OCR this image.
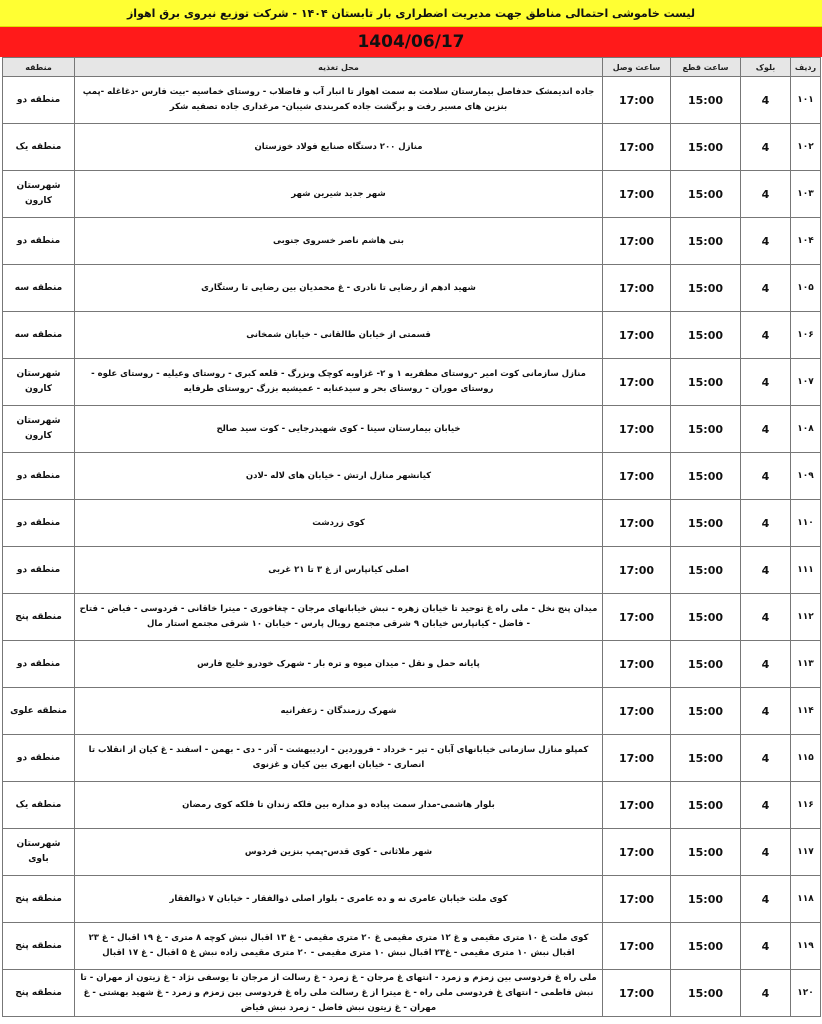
لیست خاموشی احتمالی مناطق جهت مدیریت اضطراری بار تابستان ۱۴۰۴ - شرکت توزیع نیروی برق اهواز
1404/06/17
ردیف	بلوک	ساعت قطع	ساعت وصل	محل تغذیه	منطقه
۱۰۱	4	15:00	17:00	جاده اندیمشک حدفاصل بیمارستان سلامت به سمت اهواز تا انبار آب و فاضلاب - روستای خماسیه -بیت فارس -دغاغله -پمپ بنزین های مسیر رفت و برگشت جاده کمربندی شیبان- مرغداری جاده تصفیه شکر	منطقه دو
۱۰۲	4	15:00	17:00	منازل ۲۰۰ دستگاه صنایع فولاد خوزستان	منطقه یک
۱۰۳	4	15:00	17:00	شهر جدید شیرین شهر	شهرستان کارون
۱۰۴	4	15:00	17:00	بنی هاشم ناصر خسروی جنوبی	منطقه دو
۱۰۵	4	15:00	17:00	شهید ادهم از رضایی تا نادری - غ محمدیان بین رضایی تا رستگاری	منطقه سه
۱۰۶	4	15:00	17:00	قسمتی از خیابان طالقانی - خیابان شمخانی	منطقه سه
۱۰۷	4	15:00	17:00	منازل سازمانی کوت امیر -روستای مظفریه ۱ و ۲- غزاویه کوچک وبزرگ - قلعه کبری - روستای وعیلیه - روستای علوه - روستای موران - روستای بحر و سیدعنایه - عمیشیه بزرگ -روستای طرفایه	شهرستان کارون
۱۰۸	4	15:00	17:00	خیابان بیمارستان سینا - کوی شهیدرجایی - کوت سید صالح	شهرستان کارون
۱۰۹	4	15:00	17:00	کیانشهر منازل ارتش - خیابان های لاله -لادن	منطقه دو
۱۱۰	4	15:00	17:00	کوی زردشت	منطقه دو
۱۱۱	4	15:00	17:00	اصلی کیانپارس از غ ۳ تا ۲۱ غربی	منطقه دو
۱۱۲	4	15:00	17:00	میدان پنج نخل - ملی راه غ توحید تا خیابان زهره - نبش خیابانهای مرجان - چغاخوری - میترا خاقانی - فردوسی - فیاض - فتاح - فاضل - کیانپارس خیابان ۹ شرقی مجتمع رویال پارس - خیابان ۱۰ شرقی مجتمع استار مال	منطقه پنج
۱۱۳	4	15:00	17:00	پایانه حمل و نقل - میدان میوه و تره بار - شهرک خودرو خلیج فارس	منطقه دو
۱۱۴	4	15:00	17:00	شهرک رزمندگان - زعفرانیه	منطقه علوی
۱۱۵	4	15:00	17:00	کمپلو منازل سازمانی خیابانهای آبان - تیر - خرداد - فروردین - اردیبهشت - آذر - دی - بهمن - اسفند - غ کیان از انقلاب تا انصاری - خیابان ابهری بین کیان و غزنوی	منطقه دو
۱۱۶	4	15:00	17:00	بلوار هاشمی-مدار سمت پیاده دو مداره بین فلکه زندان تا فلکه کوی رمضان	منطقه یک
۱۱۷	4	15:00	17:00	شهر ملاثانی - کوی قدس-پمپ بنزین فردوس	شهرستان باوی
۱۱۸	4	15:00	17:00	کوی ملت خیابان عامری نه و ده عامری - بلوار اصلی ذوالفقار - خیابان ۷ ذوالفقار	منطقه پنج
۱۱۹	4	15:00	17:00	کوی ملت غ ۱۰ متری مقیمی و غ ۱۲ متری مقیمی غ ۲۰ متری مقیمی - غ ۱۳ اقبال نبش کوچه ۸ متری - غ ۱۹ اقبال - غ ۲۳ اقبال نبش ۱۰ متری مقیمی - غ۲۳ اقبال نبش ۱۰ متری مقیمی - ۲۰ متری مقیمی زاده نبش غ ۵ اقبال - غ ۱۷ اقبال	منطقه پنج
۱۲۰	4	15:00	17:00	ملی راه غ فردوسی بین زمزم و زمرد - انتهای غ مرجان - غ زمرد - غ رسالت از مرجان تا یوسفی نژاد - غ زیتون از مهران - تا نبش فاطمی - انتهای غ فردوسی ملی راه - غ میترا از غ رسالت ملی راه غ فردوسی بین زمزم و زمرد - غ شهید بهشتی - غ مهران - غ زیتون نبش فاضل - زمرد نبش فیاض	منطقه پنج
